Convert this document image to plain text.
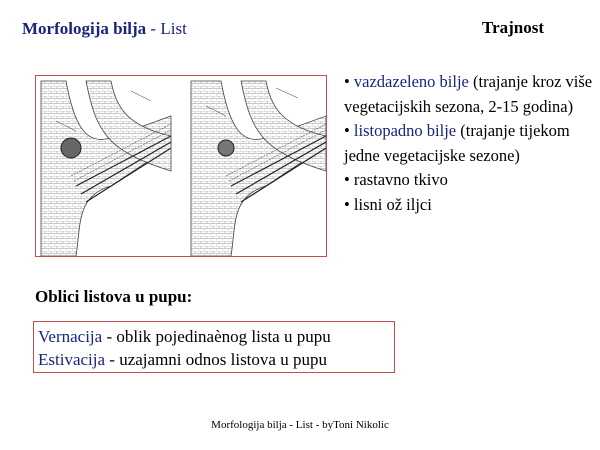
Morfologija bilja - List	Trajnost
• vazdazeleno bilje (trajanje kroz više vegetacijskih sezona, 2-15 godina)
• listopadno bilje (trajanje tijekom jedne vegetacijske sezone)
• rastavno tkivo
• lisni ož iljci
Oblici listova u pupu:
Vernacija - oblik pojedinaènog lista u pupu
Estivacija - uzajamni odnos listova u pupu
Morfologija bilja - List - byToni Nikolic
